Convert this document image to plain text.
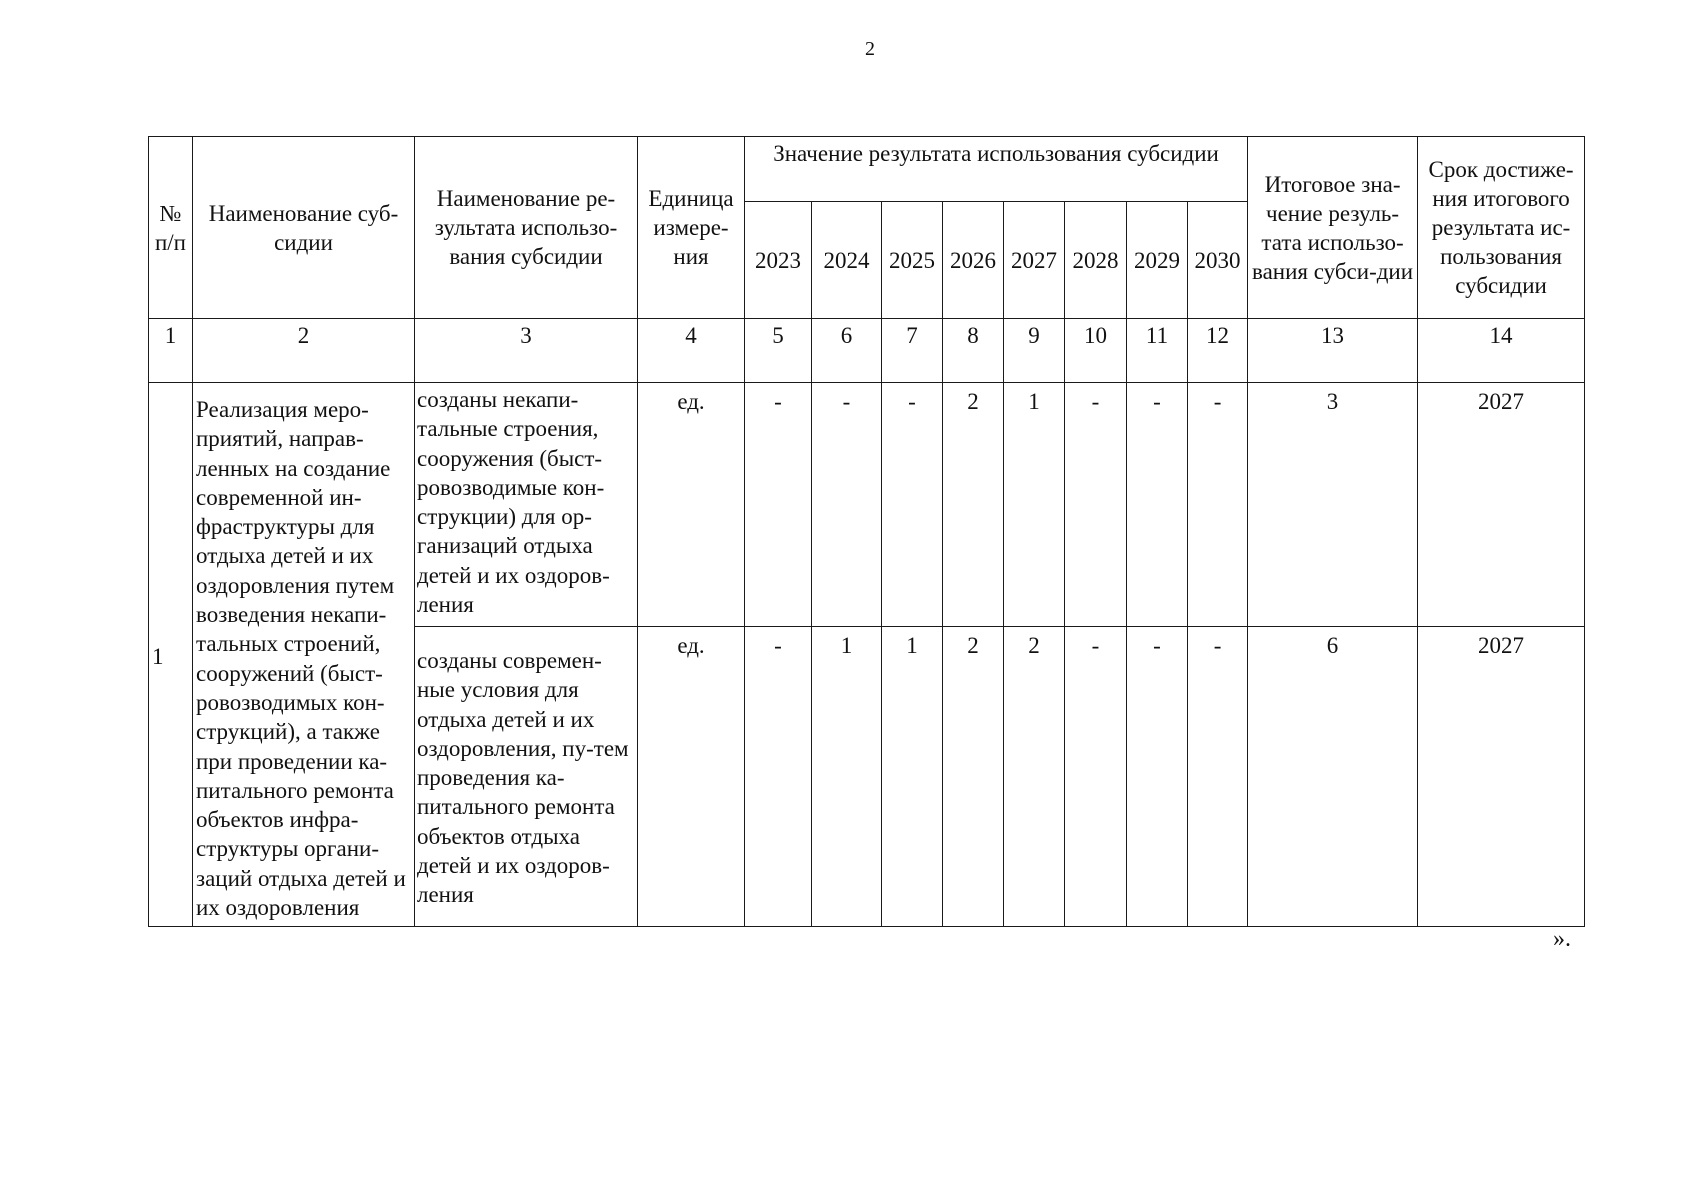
2
№ п/п	Наименование суб-сидии	Наименование ре-зультата использо-вания субсидии	Единица измере-ния	Значение результата использования субсидии								Итоговое зна-чение резуль-тата использо-вания субси-дии	Срок достиже-ния итогового результата ис-пользования субсидии
				2023	2024	2025	2026	2027	2028	2029	2030		
1	2	3	4	5	6	7	8	9	10	11	12	13	14
1	Реализация меро-приятий, направ-ленных на создание современной ин-фраструктуры для отдыха детей и их оздоровления путем возведения некапи-тальных строений, сооружений (быст-ровозводимых кон-струкций), а также при проведении ка-питального ремонта объектов инфра-структуры органи-заций отдыха детей и их оздоровления	созданы некапи-тальные строения, сооружения (быст-ровозводимые кон-струкции) для ор-ганизаций отдыха детей и их оздоров-ления	ед.	-	-	-	2	1	-	-	-	3	2027
		созданы современ-ные условия для отдыха детей и их оздоровления, пу-тем проведения ка-питального ремонта объектов отдыха детей и их оздоров-ления	ед.	-	1	1	2	2	-	-	-	6	2027
».
